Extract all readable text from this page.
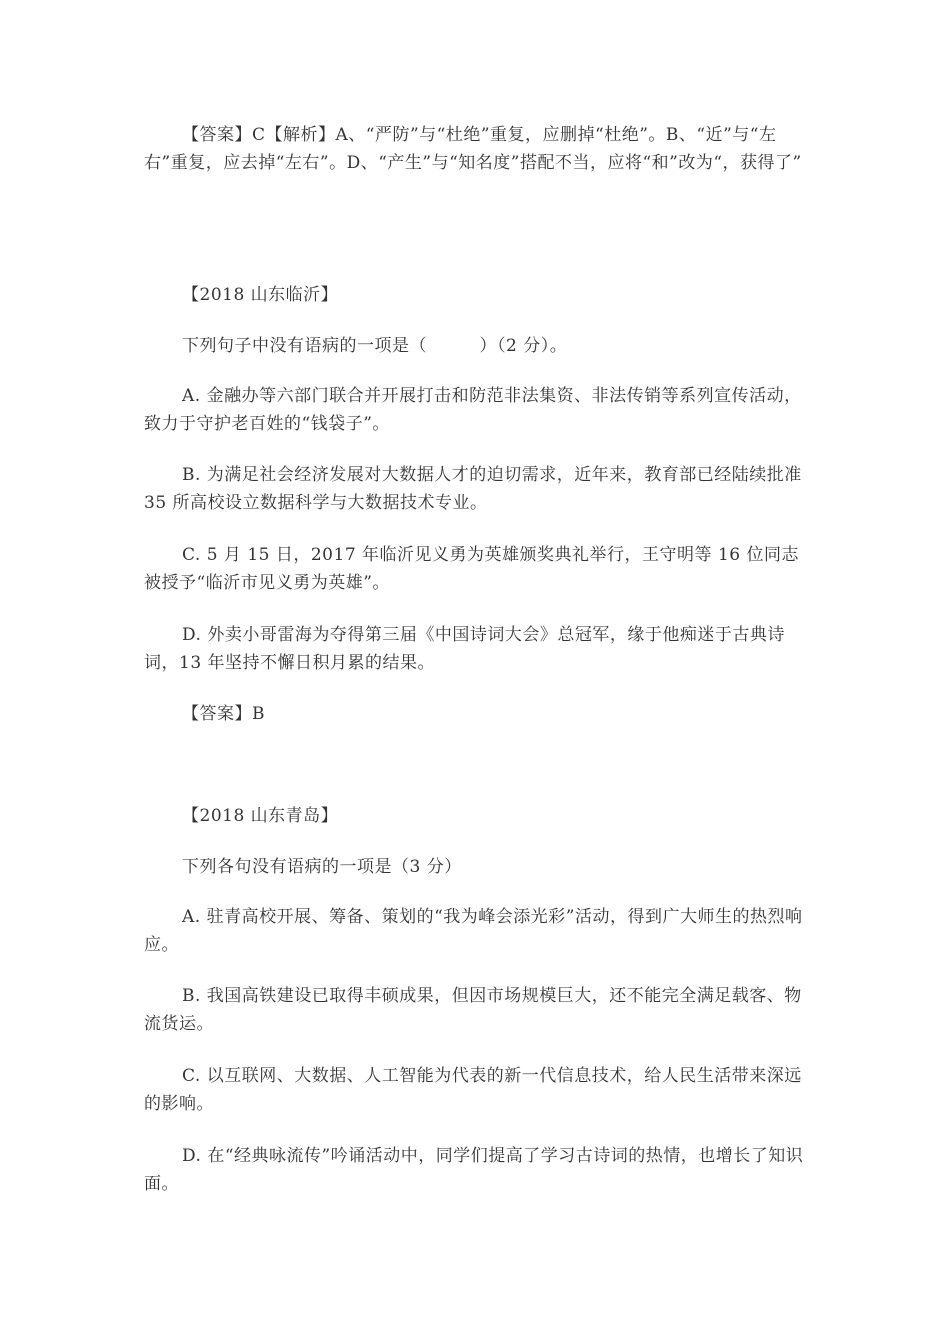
【答案】C【解析】A、“严防”与“杜绝”重复，应删掉“杜绝”。B、“近”与“左右”重复，应去掉“左右”。D、“产生”与“知名度”搭配不当，应将“和”改为“，获得了”

【2018 山东临沂】

下列句子中没有语病的一项是（　　　）（2 分）。

A. 金融办等六部门联合并开展打击和防范非法集资、非法传销等系列宣传活动，致力于守护老百姓的“钱袋子”。

B. 为满足社会经济发展对大数据人才的迫切需求，近年来，教育部已经陆续批准 35 所高校设立数据科学与大数据技术专业。

C. 5 月 15 日，2017 年临沂见义勇为英雄颁奖典礼举行，王守明等 16 位同志被授予“临沂市见义勇为英雄”。

D. 外卖小哥雷海为夺得第三届《中国诗词大会》总冠军，缘于他痴迷于古典诗词，13 年坚持不懈日积月累的结果。

【答案】B

【2018 山东青岛】

下列各句没有语病的一项是（3 分）

A. 驻青高校开展、筹备、策划的“我为峰会添光彩”活动，得到广大师生的热烈响应。

B. 我国高铁建设已取得丰硕成果，但因市场规模巨大，还不能完全满足载客、物流货运。

C. 以互联网、大数据、人工智能为代表的新一代信息技术，给人民生活带来深远的影响。

D. 在“经典咏流传”吟诵活动中，同学们提高了学习古诗词的热情，也增长了知识面。
